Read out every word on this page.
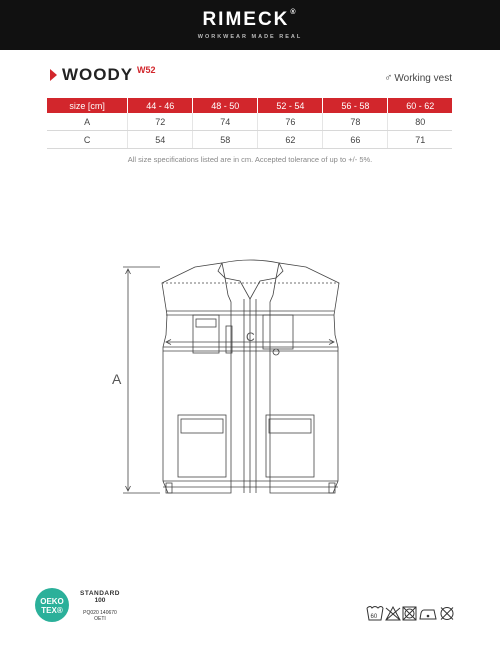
RIMECK®
WORKWEAR MADE REAL
WOODY W52
♂ Working vest
size [cm]	44 - 46	48 - 50	52 - 54	56 - 58	60 - 62
A	72	74	76	78	80
C	54	58	62	66	71
All size specifications listed are in cm. Accepted tolerance of up to +/- 5%.
A
C
OEKO
TEX®
STANDARD
100
PQ020 140670
OETI	60
